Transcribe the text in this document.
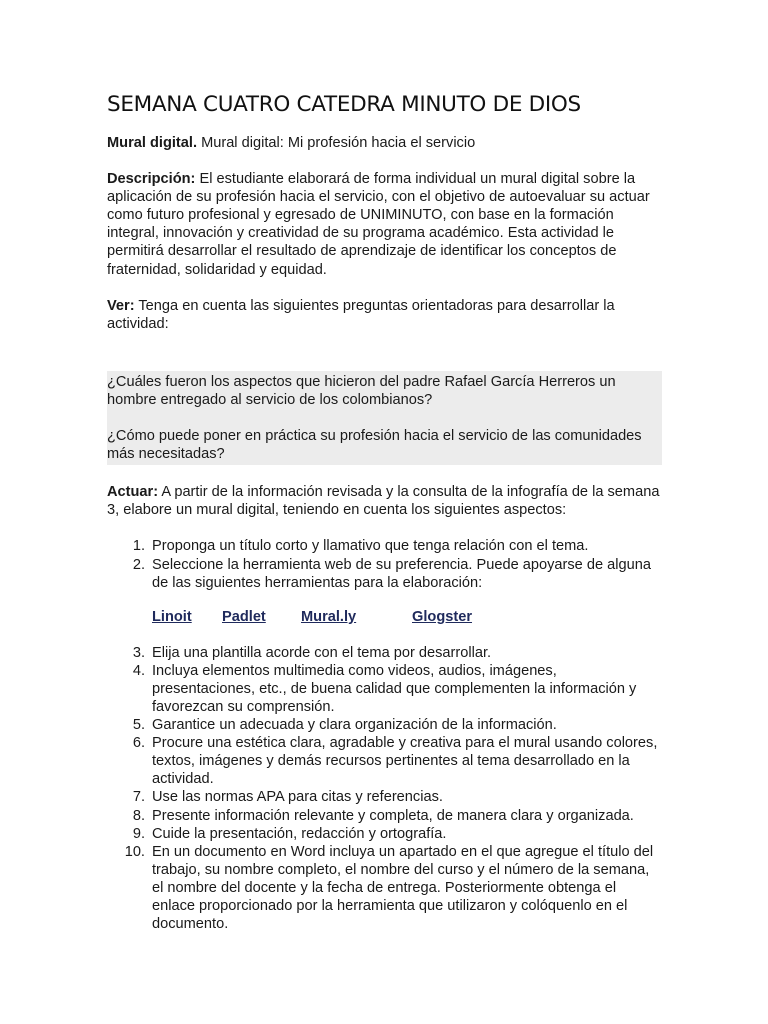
SEMANA CUATRO CATEDRA MINUTO DE DIOS

Mural digital. Mural digital: Mi profesión hacia el servicio

Descripción: El estudiante elaborará de forma individual un mural digital sobre la aplicación de su profesión hacia el servicio, con el objetivo de autoevaluar su actuar como futuro profesional y egresado de UNIMINUTO, con base en la formación integral, innovación y creatividad de su programa académico. Esta actividad le permitirá desarrollar el resultado de aprendizaje de identificar los conceptos de fraternidad, solidaridad y equidad.

Ver: Tenga en cuenta las siguientes preguntas orientadoras para desarrollar la actividad:

¿Cuáles fueron los aspectos que hicieron del padre Rafael García Herreros un hombre entregado al servicio de los colombianos?

¿Cómo puede poner en práctica su profesión hacia el servicio de las comunidades más necesitadas?

Actuar: A partir de la información revisada y la consulta de la infografía de la semana 3, elabore un mural digital, teniendo en cuenta los siguientes aspectos:

1. Proponga un título corto y llamativo que tenga relación con el tema.
2. Seleccione la herramienta web de su preferencia. Puede apoyarse de alguna de las siguientes herramientas para la elaboración:
Linoit Padlet Mural.ly	Glogster
3. Elija una plantilla acorde con el tema por desarrollar.
4. Incluya elementos multimedia como videos, audios, imágenes, presentaciones, etc., de buena calidad que complementen la información y favorezcan su comprensión.
5. Garantice un adecuada y clara organización de la información.
6. Procure una estética clara, agradable y creativa para el mural usando colores, textos, imágenes y demás recursos pertinentes al tema desarrollado en la actividad.
7. Use las normas APA para citas y referencias.
8. Presente información relevante y completa, de manera clara y organizada.
9. Cuide la presentación, redacción y ortografía.
10. En un documento en Word incluya un apartado en el que agregue el título del trabajo, su nombre completo, el nombre del curso y el número de la semana, el nombre del docente y la fecha de entrega. Posteriormente obtenga el enlace proporcionado por la herramienta que utilizaron y colóquenlo en el documento.
